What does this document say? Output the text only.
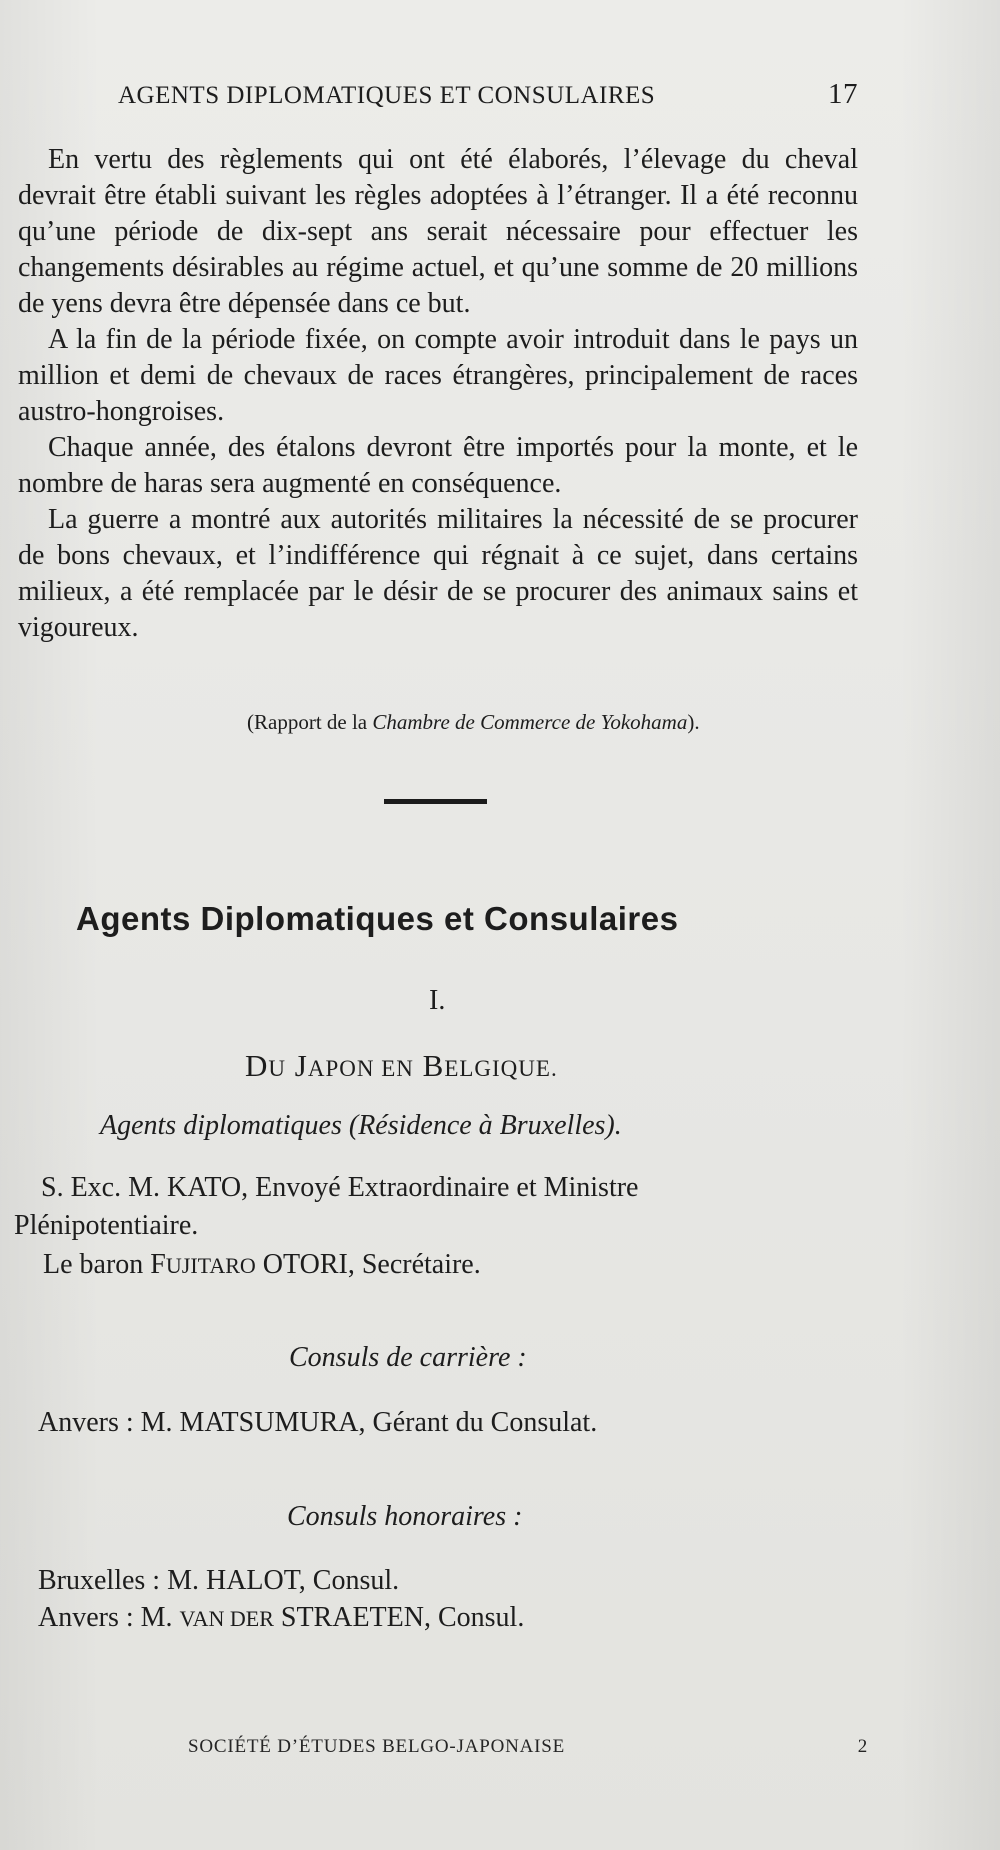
AGENTS DIPLOMATIQUES ET CONSULAIRES	17

En vertu des règlements qui ont été élaborés, l’élevage du cheval devrait être établi suivant les règles adoptées à l’étranger. Il a été reconnu qu’une période de dix-sept ans serait nécessaire pour effectuer les changements désirables au régime actuel, et qu’une somme de 20 millions de yens devra être dépensée dans ce but.

A la fin de la période fixée, on compte avoir introduit dans le pays un million et demi de chevaux de races étrangères, principalement de races austro-hongroises.

Chaque année, des étalons devront être importés pour la monte, et le nombre de haras sera augmenté en conséquence.

La guerre a montré aux autorités militaires la nécessité de se procurer de bons chevaux, et l’indifférence qui régnait à ce sujet, dans certains milieux, a été remplacée par le désir de se procurer des animaux sains et vigoureux.

(Rapport de la Chambre de Commerce de Yokohama).
Agents Diplomatiques et Consulaires
I.
DU JAPON EN BELGIQUE.
Agents diplomatiques (Résidence à Bruxelles).
S. Exc. M. KATO, Envoyé Extraordinaire et Ministre
Plénipotentiaire.
Le baron FUJITARO OTORI, Secrétaire.
Consuls de carrière :
Anvers : M. MATSUMURA, Gérant du Consulat.
Consuls honoraires :
Bruxelles : M. HALOT, Consul.
Anvers : M. VAN DER STRAETEN, Consul.
SOCIÉTÉ D’ÉTUDES BELGO-JAPONAISE	2
